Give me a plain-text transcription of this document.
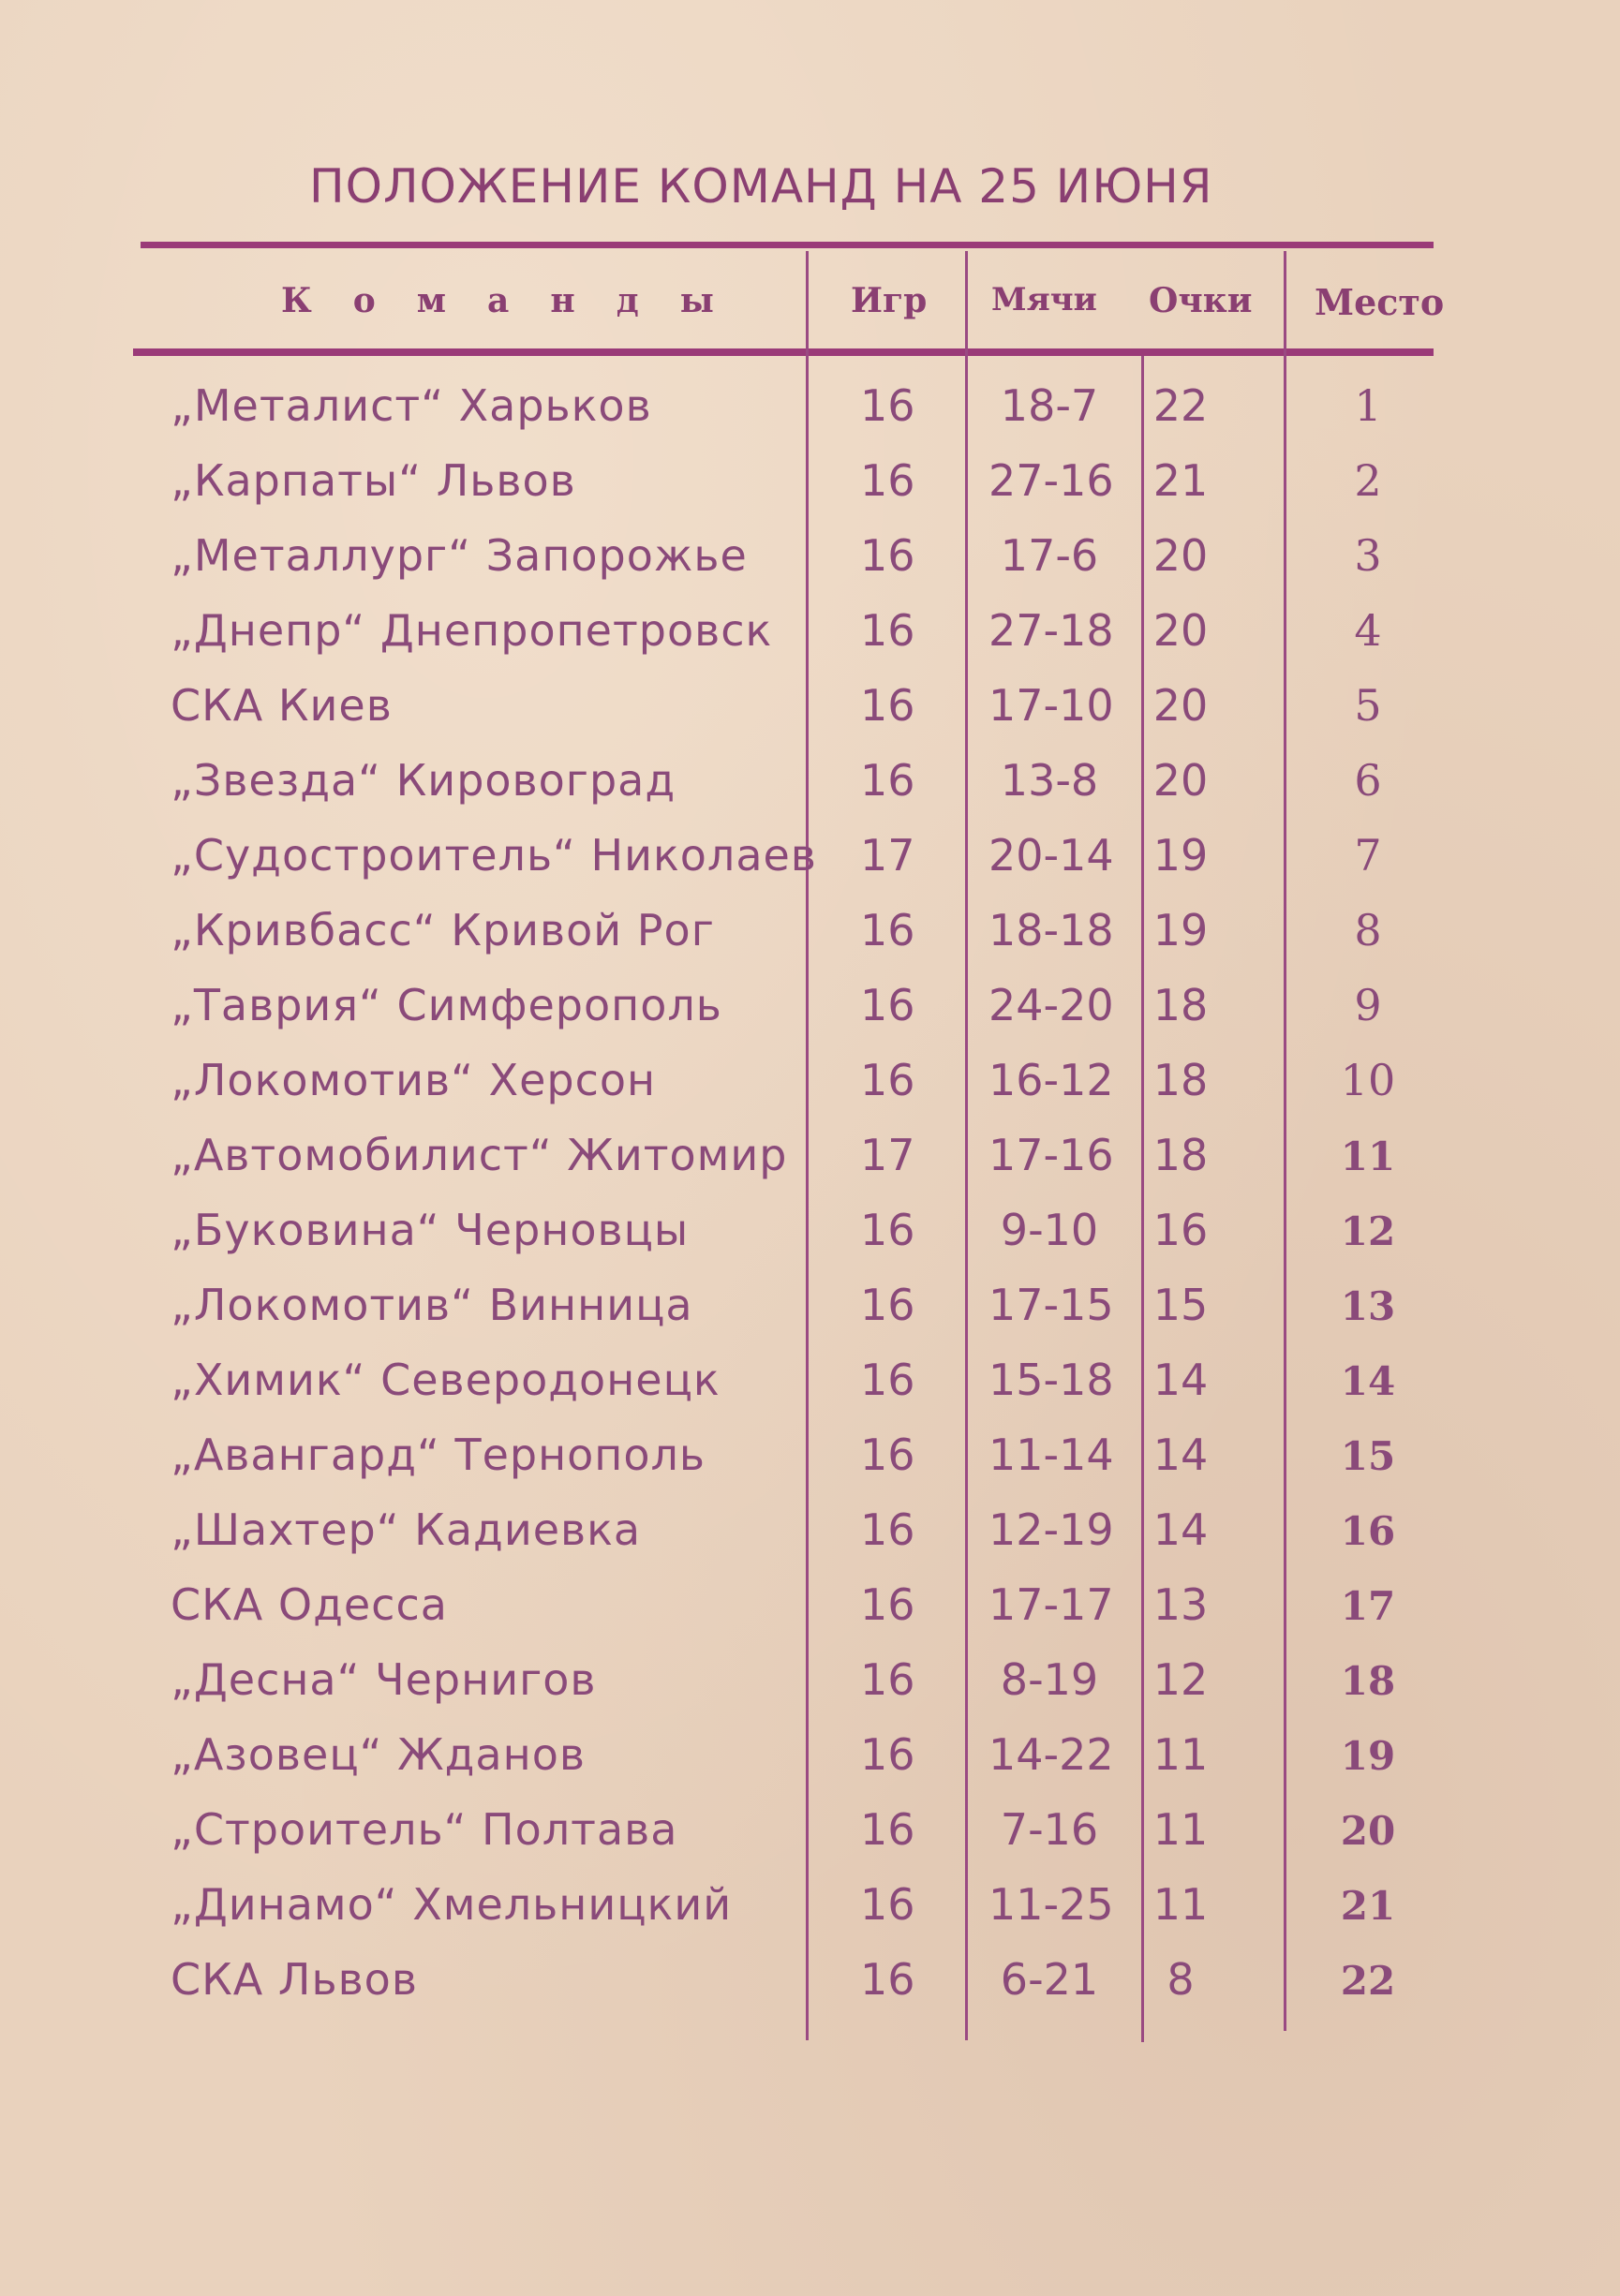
ПОЛОЖЕНИЕ КОМАНД НА 25 ИЮНЯ
Команды	Игр Мячи Очки Место
„Металист“ Харьков	16 18-7 22	1
„Карпаты“ Львов	16 27-16 21	2
„Металлург“ Запорожье	16 17-6 20	3
„Днепр“ Днепропетровск 16 27-18 20	4
СКА Киев	16 17-10 20	5
„Звезда“ Кировоград	16 13-8 20	6
„Судостроитель“ Николаев 17 20-14 19	7
„Кривбасс“ Кривой Рог	16 18-18 19	8
„Таврия“ Симферополь	16 24-20 18	9
„Локомотив“ Херсон	16 16-12 18	10
„Автомобилист“ Житомир 17 17-16 18	11
„Буковина“ Черновцы	16 9-10 16	12
„Локомотив“ Винница	16 17-15 15	13
„Химик“ Северодонецк	16 15-18 14	14
„Авангард“ Тернополь	16 11-14 14	15
„Шахтер“ Кадиевка	16 12-19 14	16
СКА Одесса	16 17-17 13	17
„Десна“ Чернигов	16 8-19 12	18
„Азовец“ Жданов	16 14-22 11	19
„Строитель“ Полтава	16 7-16 11	20
„Динамо“ Хмельницкий	16 11-25 11	21
СКА Львов	16 6-21	8	22
